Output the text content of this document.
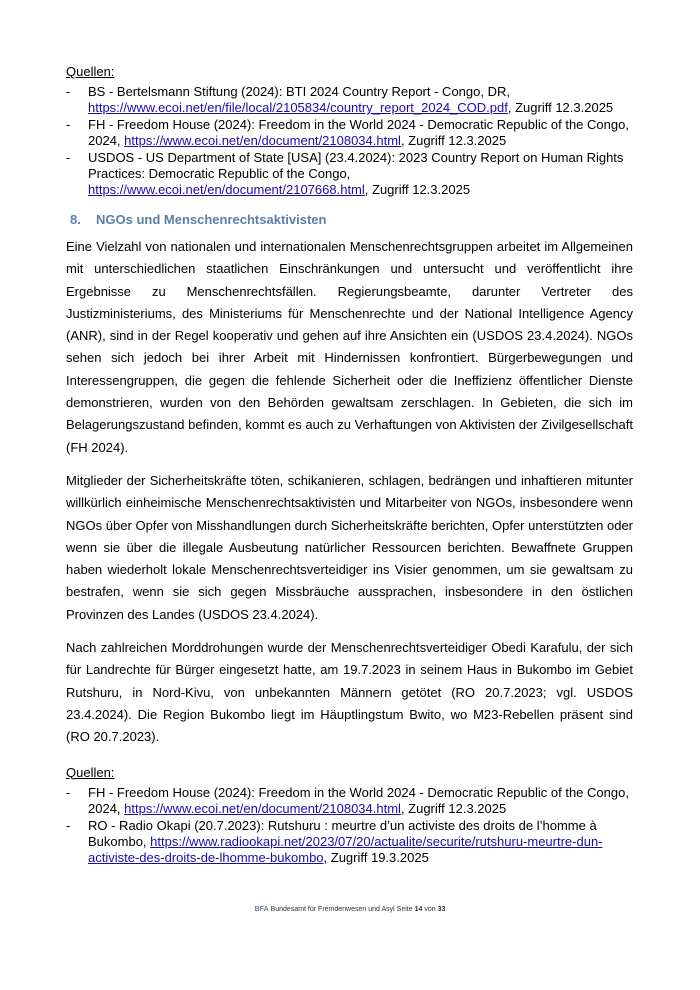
Quellen:
- BS - Bertelsmann Stiftung (2024): BTI 2024 Country Report - Congo, DR, https://www.ecoi.net/en/file/local/2105834/country_report_2024_COD.pdf, Zugriff 12.3.2025
- FH - Freedom House (2024): Freedom in the World 2024 - Democratic Republic of the Congo, 2024, https://www.ecoi.net/en/document/2108034.html, Zugriff 12.3.2025
- USDOS - US Department of State [USA] (23.4.2024): 2023 Country Report on Human Rights Practices: Democratic Republic of the Congo, https://www.ecoi.net/en/document/2107668.html, Zugriff 12.3.2025
8. NGOs und Menschenrechtsaktivisten

Eine Vielzahl von nationalen und internationalen Menschenrechtsgruppen arbeitet im Allgemeinen mit unterschiedlichen staatlichen Einschränkungen und untersucht und veröffentlicht ihre Ergebnisse zu Menschenrechtsfällen. Regierungsbeamte, darunter Vertreter des Justizministeriums, des Ministeriums für Menschenrechte und der National Intelligence Agency (ANR), sind in der Regel kooperativ und gehen auf ihre Ansichten ein (USDOS 23.4.2024). NGOs sehen sich jedoch bei ihrer Arbeit mit Hindernissen konfrontiert. Bürgerbewegungen und Interessengruppen, die gegen die fehlende Sicherheit oder die Ineffizienz öffentlicher Dienste demonstrieren, wurden von den Behörden gewaltsam zerschlagen. In Gebieten, die sich im Belagerungszustand befinden, kommt es auch zu Verhaftungen von Aktivisten der Zivilgesellschaft (FH 2024).

Mitglieder der Sicherheitskräfte töten, schikanieren, schlagen, bedrängen und inhaftieren mitunter willkürlich einheimische Menschenrechtsaktivisten und Mitarbeiter von NGOs, insbesondere wenn NGOs über Opfer von Misshandlungen durch Sicherheitskräfte berichten, Opfer unterstützten oder wenn sie über die illegale Ausbeutung natürlicher Ressourcen berichten. Bewaffnete Gruppen haben wiederholt lokale Menschenrechtsverteidiger ins Visier genommen, um sie gewaltsam zu bestrafen, wenn sie sich gegen Missbräuche aussprachen, insbesondere in den östlichen Provinzen des Landes (USDOS 23.4.2024).

Nach zahlreichen Morddrohungen wurde der Menschenrechtsverteidiger Obedi Karafulu, der sich für Landrechte für Bürger eingesetzt hatte, am 19.7.2023 in seinem Haus in Bukombo im Gebiet Rutshuru, in Nord-Kivu, von unbekannten Männern getötet (RO 20.7.2023; vgl. USDOS 23.4.2024). Die Region Bukombo liegt im Häuptlingstum Bwito, wo M23-Rebellen präsent sind (RO 20.7.2023).

Quellen:
- FH - Freedom House (2024): Freedom in the World 2024 - Democratic Republic of the Congo, 2024, https://www.ecoi.net/en/document/2108034.html, Zugriff 12.3.2025
- RO - Radio Okapi (20.7.2023): Rutshuru : meurtre d’un activiste des droits de l’homme à Bukombo, https://www.radiookapi.net/2023/07/20/actualite/securite/rutshuru-meurtre-dun-activiste-des-droits-de-lhomme-bukombo, Zugriff 19.3.2025
BFA Bundesamt für Fremdenwesen und Asyl Seite 14 von 33
